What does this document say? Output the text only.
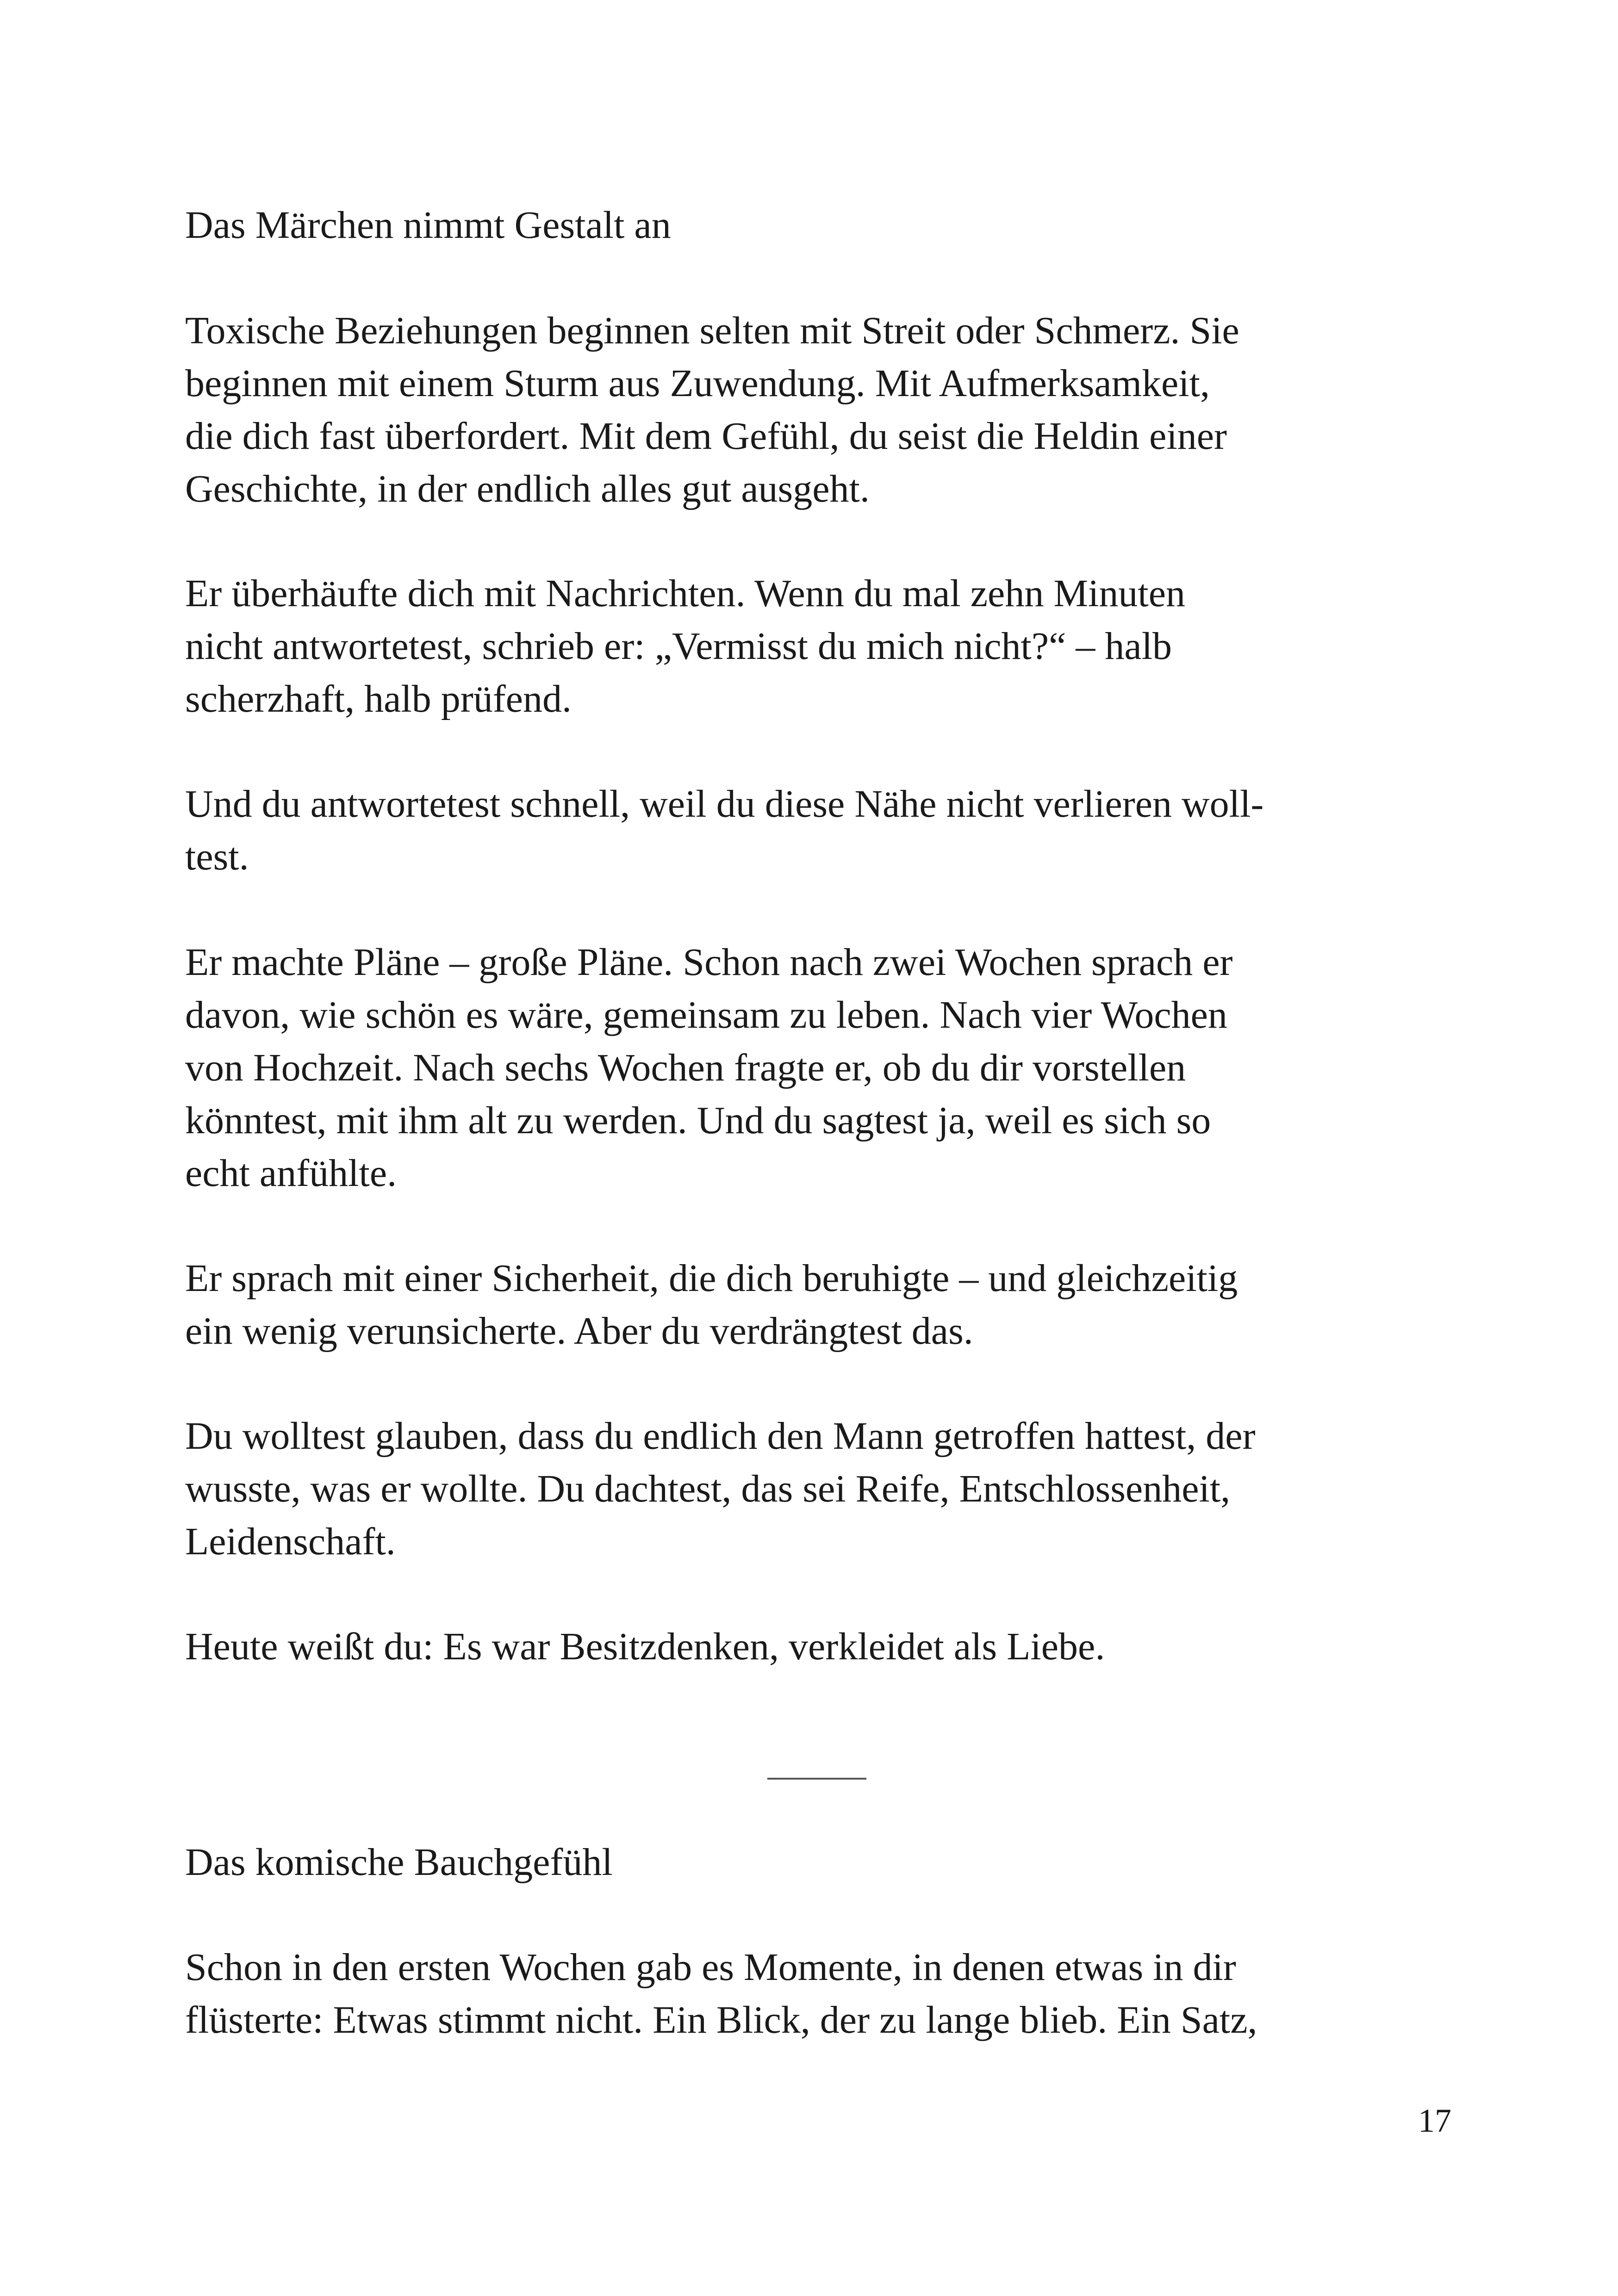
Das Märchen nimmt Gestalt an
Toxische Beziehungen beginnen selten mit Streit oder Schmerz. Sie
beginnen mit einem Sturm aus Zuwendung. Mit Aufmerksamkeit,
die dich fast überfordert. Mit dem Gefühl, du seist die Heldin einer
Geschichte, in der endlich alles gut ausgeht.
Er überhäufte dich mit Nachrichten. Wenn du mal zehn Minuten
nicht antwortetest, schrieb er: „Vermisst du mich nicht?“ – halb
scherzhaft, halb prüfend.
Und du antwortetest schnell, weil du diese Nähe nicht verlieren woll-
test.
Er machte Pläne – große Pläne. Schon nach zwei Wochen sprach er
davon, wie schön es wäre, gemeinsam zu leben. Nach vier Wochen
von Hochzeit. Nach sechs Wochen fragte er, ob du dir vorstellen
könntest, mit ihm alt zu werden. Und du sagtest ja, weil es sich so
echt anfühlte.
Er sprach mit einer Sicherheit, die dich beruhigte – und gleichzeitig
ein wenig verunsicherte. Aber du verdrängtest das.
Du wolltest glauben, dass du endlich den Mann getroffen hattest, der
wusste, was er wollte. Du dachtest, das sei Reife, Entschlossenheit,
Leidenschaft.
Heute weißt du: Es war Besitzdenken, verkleidet als Liebe.
Das komische Bauchgefühl
Schon in den ersten Wochen gab es Momente, in denen etwas in dir
flüsterte: Etwas stimmt nicht. Ein Blick, der zu lange blieb. Ein Satz,
17
